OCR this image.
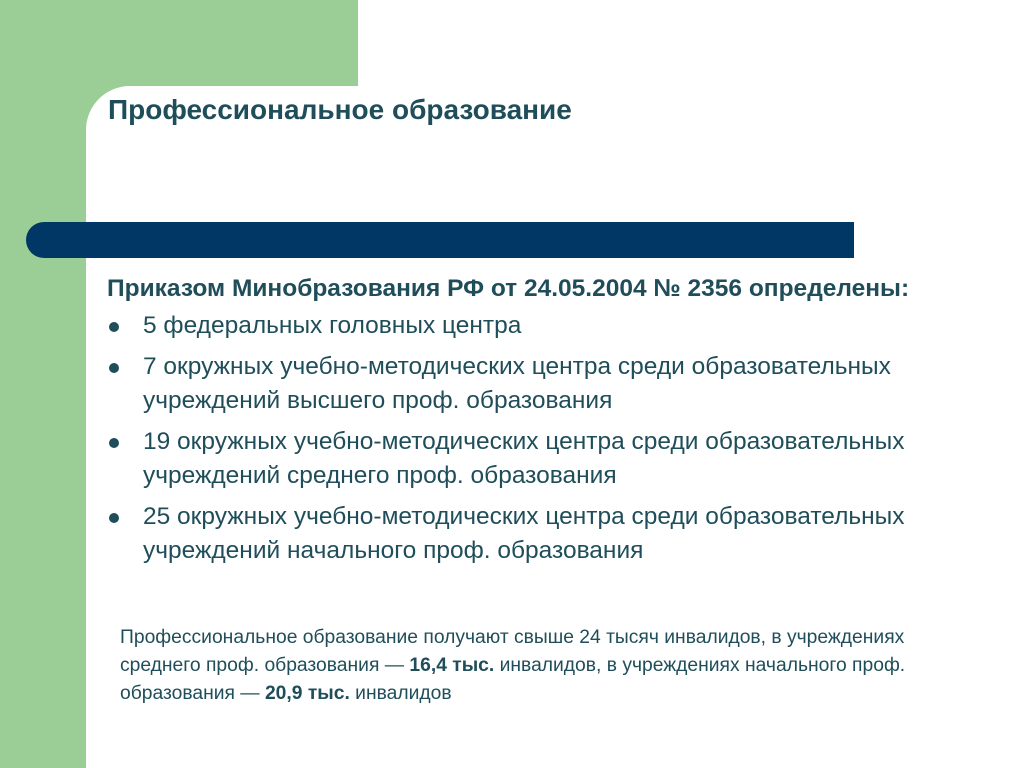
Профессиональное образование
Приказом Минобразования РФ от 24.05.2004 № 2356 определены:
5 федеральных головных центра
7 окружных учебно-методических центра среди образовательных учреждений высшего проф. образования
19 окружных учебно-методических центра среди образовательных учреждений среднего проф. образования
25 окружных учебно-методических центра среди образовательных учреждений начального проф. образования
Профессиональное образование получают свыше 24 тысяч инвалидов, в учреждениях среднего проф. образования — 16,4 тыс. инвалидов, в учреждениях начального проф. образования — 20,9 тыс. инвалидов
